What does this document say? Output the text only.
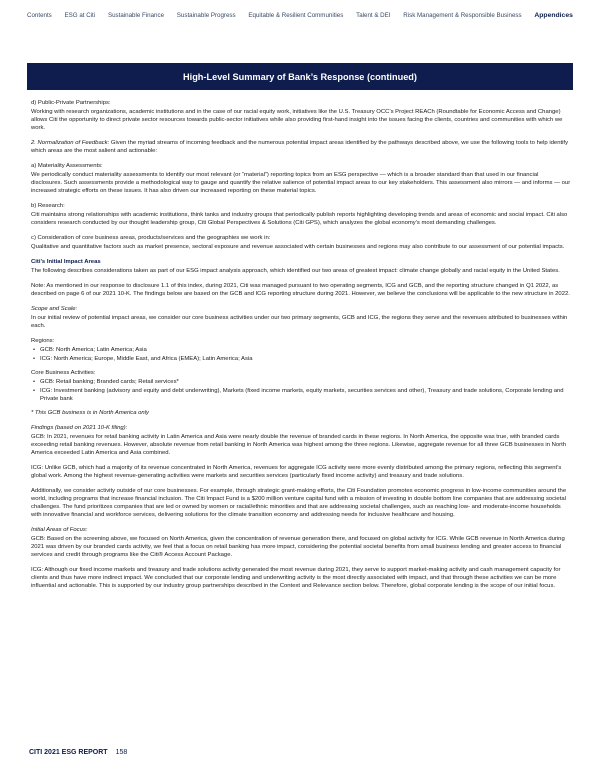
Contents ESG at Citi Sustainable Finance Sustainable Progress Equitable & Resilient Communities Talent & DEI Risk Management & Responsible Business Appendices
High-Level Summary of Bank’s Response (continued)

d) Public-Private Partnerships:

Working with research organizations, academic institutions and in the case of our racial equity work, initiatives like the U.S. Treasury OCC’s Project REACh (Roundtable for Economic Access and Change) allows Citi the opportunity to direct private sector resources towards public-sector initiatives while also providing first-hand insight into the issues facing the clients, countries and communities with which we work.

2. Normalization of Feedback: Given the myriad streams of incoming feedback and the numerous potential impact areas identified by the pathways described above, we use the following tools to help identify which areas are the most salient and actionable:

a) Materiality Assessments:

We periodically conduct materiality assessments to identify our most relevant (or “material”) reporting topics from an ESG perspective — which is a broader standard than that used in our financial disclosures. Such assessments provide a methodological way to gauge and quantify the relative salience of potential impact areas to our key stakeholders. This assessment also mirrors — and informs — our increased strategic efforts on these issues. It has also driven our increased reporting on these material topics.

b) Research:

Citi maintains strong relationships with academic institutions, think tanks and industry groups that periodically publish reports highlighting developing trends and areas of economic and social impact. Citi also considers research conducted by our thought leadership group, Citi Global Perspectives & Solutions (Citi GPS), which analyzes the global economy’s most demanding challenges.

c) Consideration of core business areas, products/services and the geographies we work in:

Qualitative and quantitative factors such as market presence, sectoral exposure and revenue associated with certain businesses and regions may also contribute to our assessment of our potential impacts.

Citi’s Initial Impact Areas

The following describes considerations taken as part of our ESG impact analysis approach, which identified our two areas of greatest impact: climate change globally and racial equity in the United States.

Note: As mentioned in our response to disclosure 1.1 of this index, during 2021, Citi was managed pursuant to two operating segments, ICG and GCB, and the reporting structure changed in Q1 2022, as described on page 6 of our 2021 10-K. The findings below are based on the GCB and ICG reporting structure during 2021. However, we believe the conclusions will be applicable to the new structure in 2022.

Scope and Scale:

In our initial review of potential impact areas, we consider our core business activities under our two primary segments, GCB and ICG, the regions they serve and the revenues attributed to businesses within each.

Regions:

• GCB: North America; Latin America; Asia
• ICG: North America; Europe, Middle East, and Africa (EMEA); Latin America; Asia

Core Business Activities:

• GCB: Retail banking; Branded cards; Retail services*
• ICG: Investment banking (advisory and equity and debt underwriting), Markets (fixed income markets, equity markets, securities services and other), Treasury and trade solutions, Corporate lending and Private bank

* This GCB business is in North America only

Findings (based on 2021 10-K filing):

GCB: In 2021, revenues for retail banking activity in Latin America and Asia were nearly double the revenue of branded cards in these regions. In North America, the opposite was true, with branded cards exceeding retail banking revenues. However, absolute revenue from retail banking in North America was highest among the three regions. Likewise, aggregate revenue for all three GCB businesses in North America exceeded Latin America and Asia combined.

ICG: Unlike GCB, which had a majority of its revenue concentrated in North America, revenues for aggregate ICG activity were more evenly distributed among the primary regions, reflecting this segment’s global work. Among the highest revenue-generating activities were markets and securities services (particularly fixed income activity) and treasury and trade solutions.

Additionally, we consider activity outside of our core businesses. For example, through strategic grant-making efforts, the Citi Foundation promotes economic progress in low-income communities around the world, including programs that increase financial inclusion. The Citi Impact Fund is a $200 million venture capital fund with a mission of investing in double bottom line companies that are addressing societal challenges. The fund prioritizes companies that are led or owned by women or racial/ethnic minorities and that are addressing societal challenges, such as reaching low- and moderate-income households with innovative financial and workforce services, delivering solutions for the climate transition economy and addressing needs for inclusive healthcare and housing.

Initial Areas of Focus:

GCB: Based on the screening above, we focused on North America, given the concentration of revenue generation there, and focused on global activity for ICG. While GCB revenue in North America during 2021 was driven by our branded cards activity, we feel that a focus on retail banking has more impact, considering the potential societal benefits from small business lending and greater access to financial services and credit through programs like the Citi® Access Account Package.

ICG: Although our fixed income markets and treasury and trade solutions activity generated the most revenue during 2021, they serve to support market-making activity and cash management capacity for clients and thus have more indirect impact. We concluded that our corporate lending and underwriting activity is the most directly associated with impact, and that through these activities we can be more influential and actionable. This is supported by our industry group partnerships described in the Context and Relevance section below. Therefore, global corporate lending is the scope of our initial focus.

CITI 2021 ESG REPORT 158
